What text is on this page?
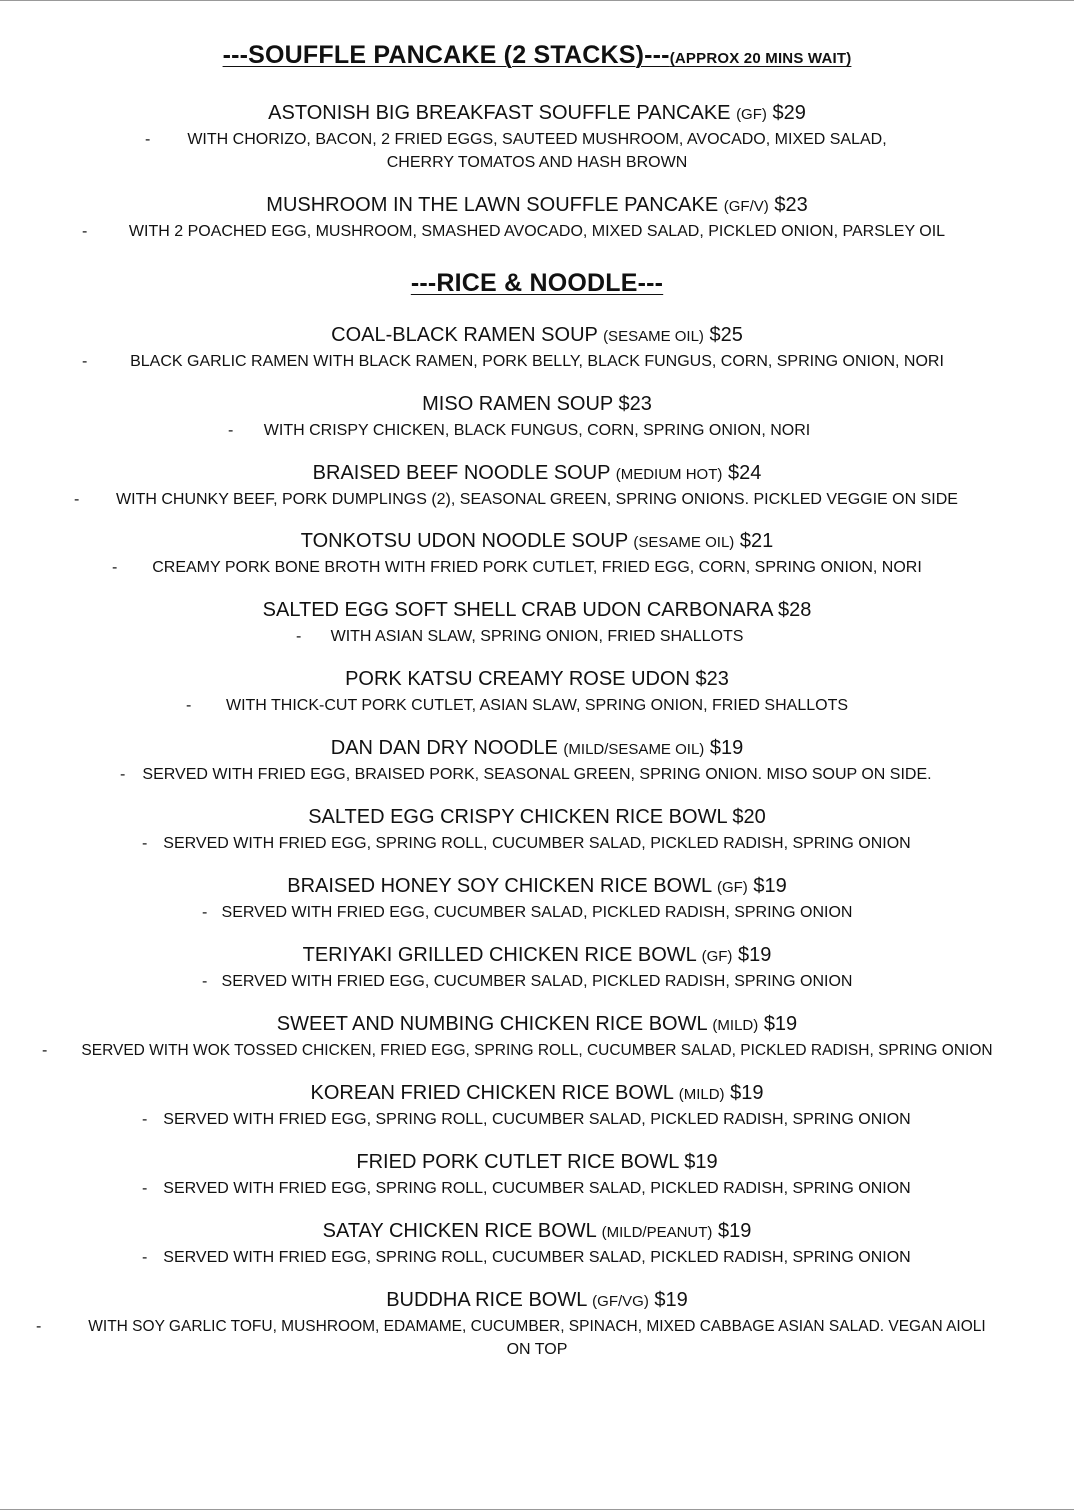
---SOUFFLE PANCAKE (2 STACKS)---(APPROX 20 MINS WAIT)
ASTONISH BIG BREAKFAST SOUFFLE PANCAKE (GF) $29
- WITH CHORIZO, BACON, 2 FRIED EGGS, SAUTEED MUSHROOM, AVOCADO, MIXED SALAD,
CHERRY TOMATOS AND HASH BROWN
MUSHROOM IN THE LAWN SOUFFLE PANCAKE (GF/V) $23
-	WITH 2 POACHED EGG, MUSHROOM, SMASHED AVOCADO, MIXED SALAD, PICKLED ONION, PARSLEY OIL
---RICE & NOODLE---
COAL-BLACK RAMEN SOUP (SESAME OIL) $25
-	BLACK GARLIC RAMEN WITH BLACK RAMEN, PORK BELLY, BLACK FUNGUS, CORN, SPRING ONION, NORI
MISO RAMEN SOUP $23
- WITH CRISPY CHICKEN, BLACK FUNGUS, CORN, SPRING ONION, NORI
BRAISED BEEF NOODLE SOUP (MEDIUM HOT) $24
- WITH CHUNKY BEEF, PORK DUMPLINGS (2), SEASONAL GREEN, SPRING ONIONS. PICKLED VEGGIE ON SIDE
TONKOTSU UDON NOODLE SOUP (SESAME OIL) $21
- CREAMY PORK BONE BROTH WITH FRIED PORK CUTLET, FRIED EGG, CORN, SPRING ONION, NORI
SALTED EGG SOFT SHELL CRAB UDON CARBONARA $28
- WITH ASIAN SLAW, SPRING ONION, FRIED SHALLOTS
PORK KATSU CREAMY ROSE UDON $23
- WITH THICK-CUT PORK CUTLET, ASIAN SLAW, SPRING ONION, FRIED SHALLOTS
DAN DAN DRY NOODLE (MILD/SESAME OIL) $19
- SERVED WITH FRIED EGG, BRAISED PORK, SEASONAL GREEN, SPRING ONION. MISO SOUP ON SIDE.
SALTED EGG CRISPY CHICKEN RICE BOWL $20
- SERVED WITH FRIED EGG, SPRING ROLL, CUCUMBER SALAD, PICKLED RADISH, SPRING ONION
BRAISED HONEY SOY CHICKEN RICE BOWL (GF) $19
- SERVED WITH FRIED EGG, CUCUMBER SALAD, PICKLED RADISH, SPRING ONION
TERIYAKI GRILLED CHICKEN RICE BOWL (GF) $19
- SERVED WITH FRIED EGG, CUCUMBER SALAD, PICKLED RADISH, SPRING ONION
SWEET AND NUMBING CHICKEN RICE BOWL (MILD) $19
- SERVED WITH WOK TOSSED CHICKEN, FRIED EGG, SPRING ROLL, CUCUMBER SALAD, PICKLED RADISH, SPRING ONION
KOREAN FRIED CHICKEN RICE BOWL (MILD) $19
- SERVED WITH FRIED EGG, SPRING ROLL, CUCUMBER SALAD, PICKLED RADISH, SPRING ONION
FRIED PORK CUTLET RICE BOWL $19
- SERVED WITH FRIED EGG, SPRING ROLL, CUCUMBER SALAD, PICKLED RADISH, SPRING ONION
SATAY CHICKEN RICE BOWL (MILD/PEANUT) $19
- SERVED WITH FRIED EGG, SPRING ROLL, CUCUMBER SALAD, PICKLED RADISH, SPRING ONION
BUDDHA RICE BOWL (GF/VG) $19
-	WITH SOY GARLIC TOFU, MUSHROOM, EDAMAME, CUCUMBER, SPINACH, MIXED CABBAGE ASIAN SALAD. VEGAN AIOLI
ON TOP
